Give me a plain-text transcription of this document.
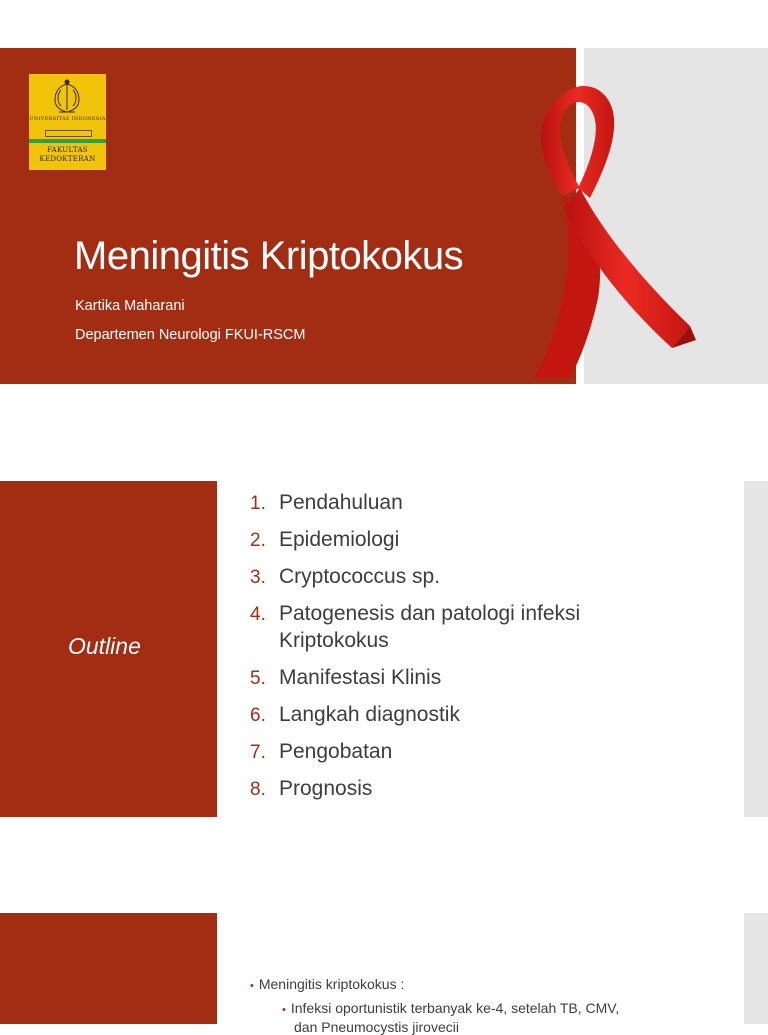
UNIVERSITAS INDONESIA
FAKULTAS
KEDOKTERAN
Meningitis Kriptokokus
Kartika Maharani
Departemen Neurologi FKUI-RSCM
Outline
1. Pendahuluan
2. Epidemiologi
3. Cryptococcus sp.
4. Patogenesis dan patologi infeksi Kriptokokus
5. Manifestasi Klinis
6. Langkah diagnostik
7. Pengobatan
8. Prognosis
• Meningitis kriptokokus :
• Infeksi oportunistik terbanyak ke-4, setelah TB, CMV,
dan Pneumocystis jirovecii
